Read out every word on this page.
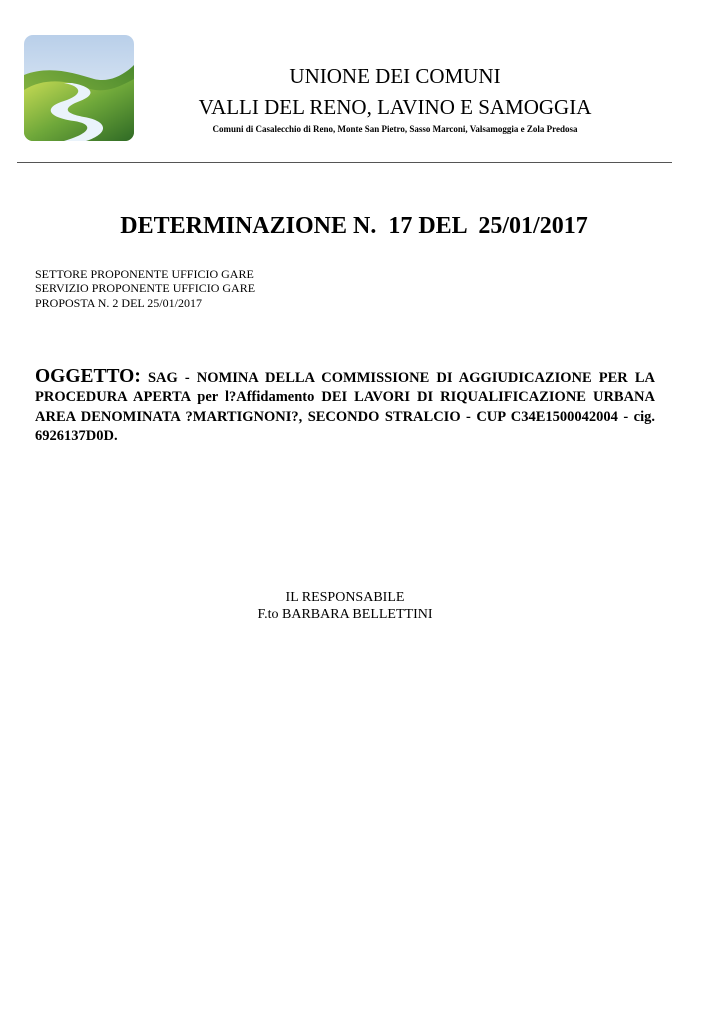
UNIONE DEI COMUNI
VALLI DEL RENO, LAVINO E SAMOGGIA
Comuni di Casalecchio di Reno, Monte San Pietro, Sasso Marconi, Valsamoggia e Zola Predosa
DETERMINAZIONE N.  17 DEL  25/01/2017
SETTORE PROPONENTE UFFICIO GARE
SERVIZIO PROPONENTE UFFICIO GARE
PROPOSTA N. 2 DEL 25/01/2017
OGGETTO: SAG - NOMINA DELLA COMMISSIONE DI AGGIUDICAZIONE PER LA PROCEDURA APERTA per l?Affidamento DEI LAVORI DI RIQUALIFICAZIONE URBANA AREA DENOMINATA ?MARTIGNONI?, SECONDO STRALCIO - CUP C34E1500042004 - cig. 6926137D0D.
IL RESPONSABILE
F.to BARBARA BELLETTINI
